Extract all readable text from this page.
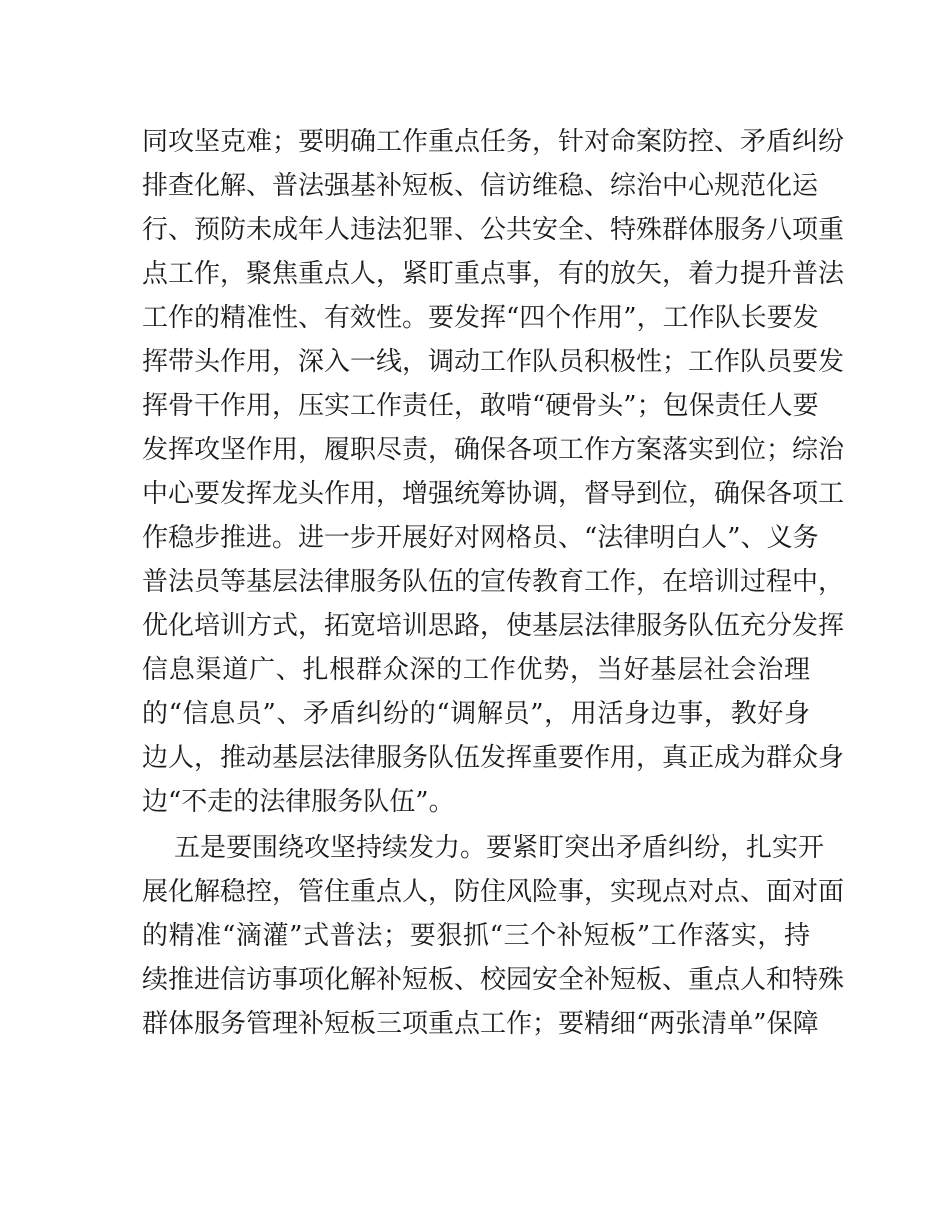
同攻坚克难；要明确工作重点任务，针对命案防控、矛盾纠纷
排查化解、普法强基补短板、信访维稳、综治中心规范化运
行、预防未成年人违法犯罪、公共安全、特殊群体服务八项重
点工作，聚焦重点人，紧盯重点事，有的放矢，着力提升普法
工作的精准性、有效性。要发挥“四个作用”，工作队长要发
挥带头作用，深入一线，调动工作队员积极性；工作队员要发
挥骨干作用，压实工作责任，敢啃“硬骨头”；包保责任人要
发挥攻坚作用，履职尽责，确保各项工作方案落实到位；综治
中心要发挥龙头作用，增强统筹协调，督导到位，确保各项工
作稳步推进。进一步开展好对网格员、“法律明白人”、义务
普法员等基层法律服务队伍的宣传教育工作，在培训过程中，
优化培训方式，拓宽培训思路，使基层法律服务队伍充分发挥
信息渠道广、扎根群众深的工作优势，当好基层社会治理
的“信息员”、矛盾纠纷的“调解员”，用活身边事，教好身
边人，推动基层法律服务队伍发挥重要作用，真正成为群众身
边“不走的法律服务队伍”。
五是要围绕攻坚持续发力。要紧盯突出矛盾纠纷，扎实开
展化解稳控，管住重点人，防住风险事，实现点对点、面对面
的精准“滴灌”式普法；要狠抓“三个补短板”工作落实，持
续推进信访事项化解补短板、校园安全补短板、重点人和特殊
群体服务管理补短板三项重点工作；要精细“两张清单”保障
